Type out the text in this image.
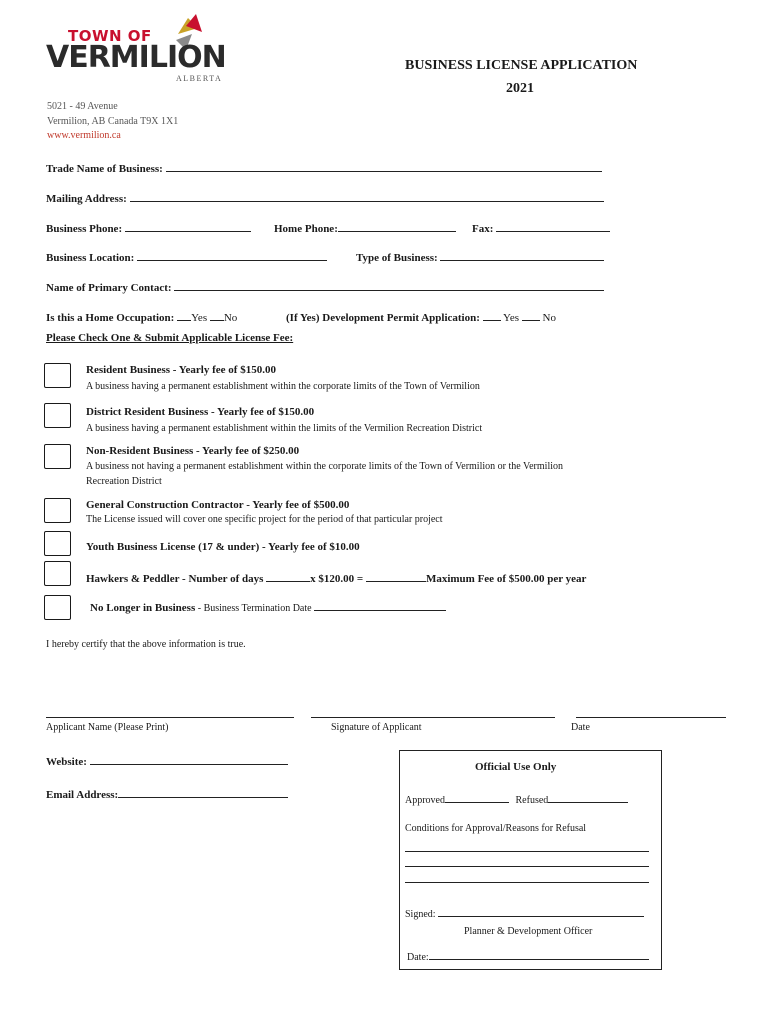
TOWN OF
VERMILION
ALBERTA
5021 - 49 Avenue
Vermilion, AB Canada T9X 1X1
www.vermilion.ca
BUSINESS LICENSE APPLICATION
2021
Trade Name of Business:
Mailing Address:
Business Phone:	Home Phone:	Fax:
Business Location:	Type of Business:
Name of Primary Contact:
Is this a Home Occupation: Yes No	(If Yes) Development Permit Application: Yes No
Please Check One & Submit Applicable License Fee:
Resident Business - Yearly fee of $150.00
A business having a permanent establishment within the corporate limits of the Town of Vermilion
District Resident Business - Yearly fee of $150.00
A business having a permanent establishment within the limits of the Vermilion Recreation District
Non-Resident Business - Yearly fee of $250.00
A business not having a permanent establishment within the corporate limits of the Town of Vermilion or the Vermilion
Recreation District
General Construction Contractor - Yearly fee of $500.00
The License issued will cover one specific project for the period of that particular project
Youth Business License (17 & under) - Yearly fee of $10.00
Hawkers & Peddler - Number of days	x $120.00 =	Maximum Fee of $500.00 per year
No Longer in Business - Business Termination Date
I hereby certify that the above information is true.
Applicant Name (Please Print)	Signature of Applicant	Date
Website:
Email Address:
Official Use Only
Approved	Refused
Conditions for Approval/Reasons for Refusal
Signed:
Planner & Development Officer
Date:
